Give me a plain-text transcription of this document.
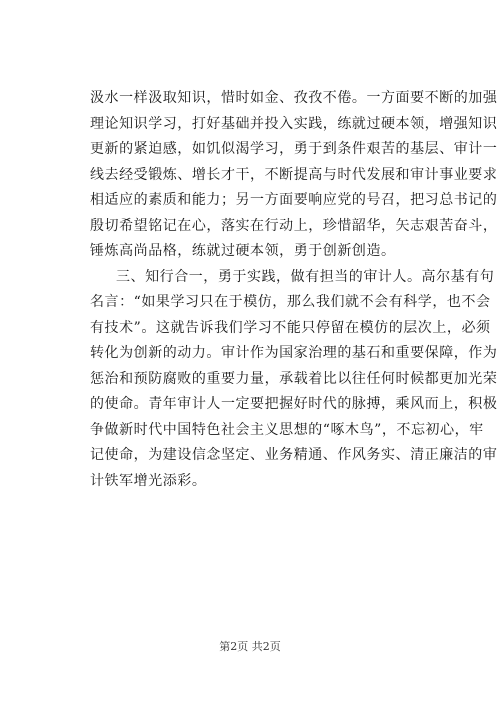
汲水一样汲取知识，惜时如金、孜孜不倦。一方面要不断的加强
理论知识学习，打好基础并投入实践，练就过硬本领，增强知识
更新的紧迫感，如饥似渴学习，勇于到条件艰苦的基层、审计一
线去经受锻炼、增长才干，不断提高与时代发展和审计事业要求
相适应的素质和能力；另一方面要响应党的号召，把习总书记的
殷切希望铭记在心，落实在行动上，珍惜韶华，矢志艰苦奋斗，
锤炼高尚品格，练就过硬本领，勇于创新创造。
三、知行合一，勇于实践，做有担当的审计人。高尔基有句
名言：“如果学习只在于模仿，那么我们就不会有科学，也不会
有技术”。这就告诉我们学习不能只停留在模仿的层次上，必须
转化为创新的动力。审计作为国家治理的基石和重要保障，作为
惩治和预防腐败的重要力量，承载着比以往任何时候都更加光荣
的使命。青年审计人一定要把握好时代的脉搏，乘风而上，积极
争做新时代中国特色社会主义思想的“啄木鸟”，不忘初心，牢
记使命，为建设信念坚定、业务精通、作风务实、清正廉洁的审
计铁军增光添彩。
第2页 共2页
